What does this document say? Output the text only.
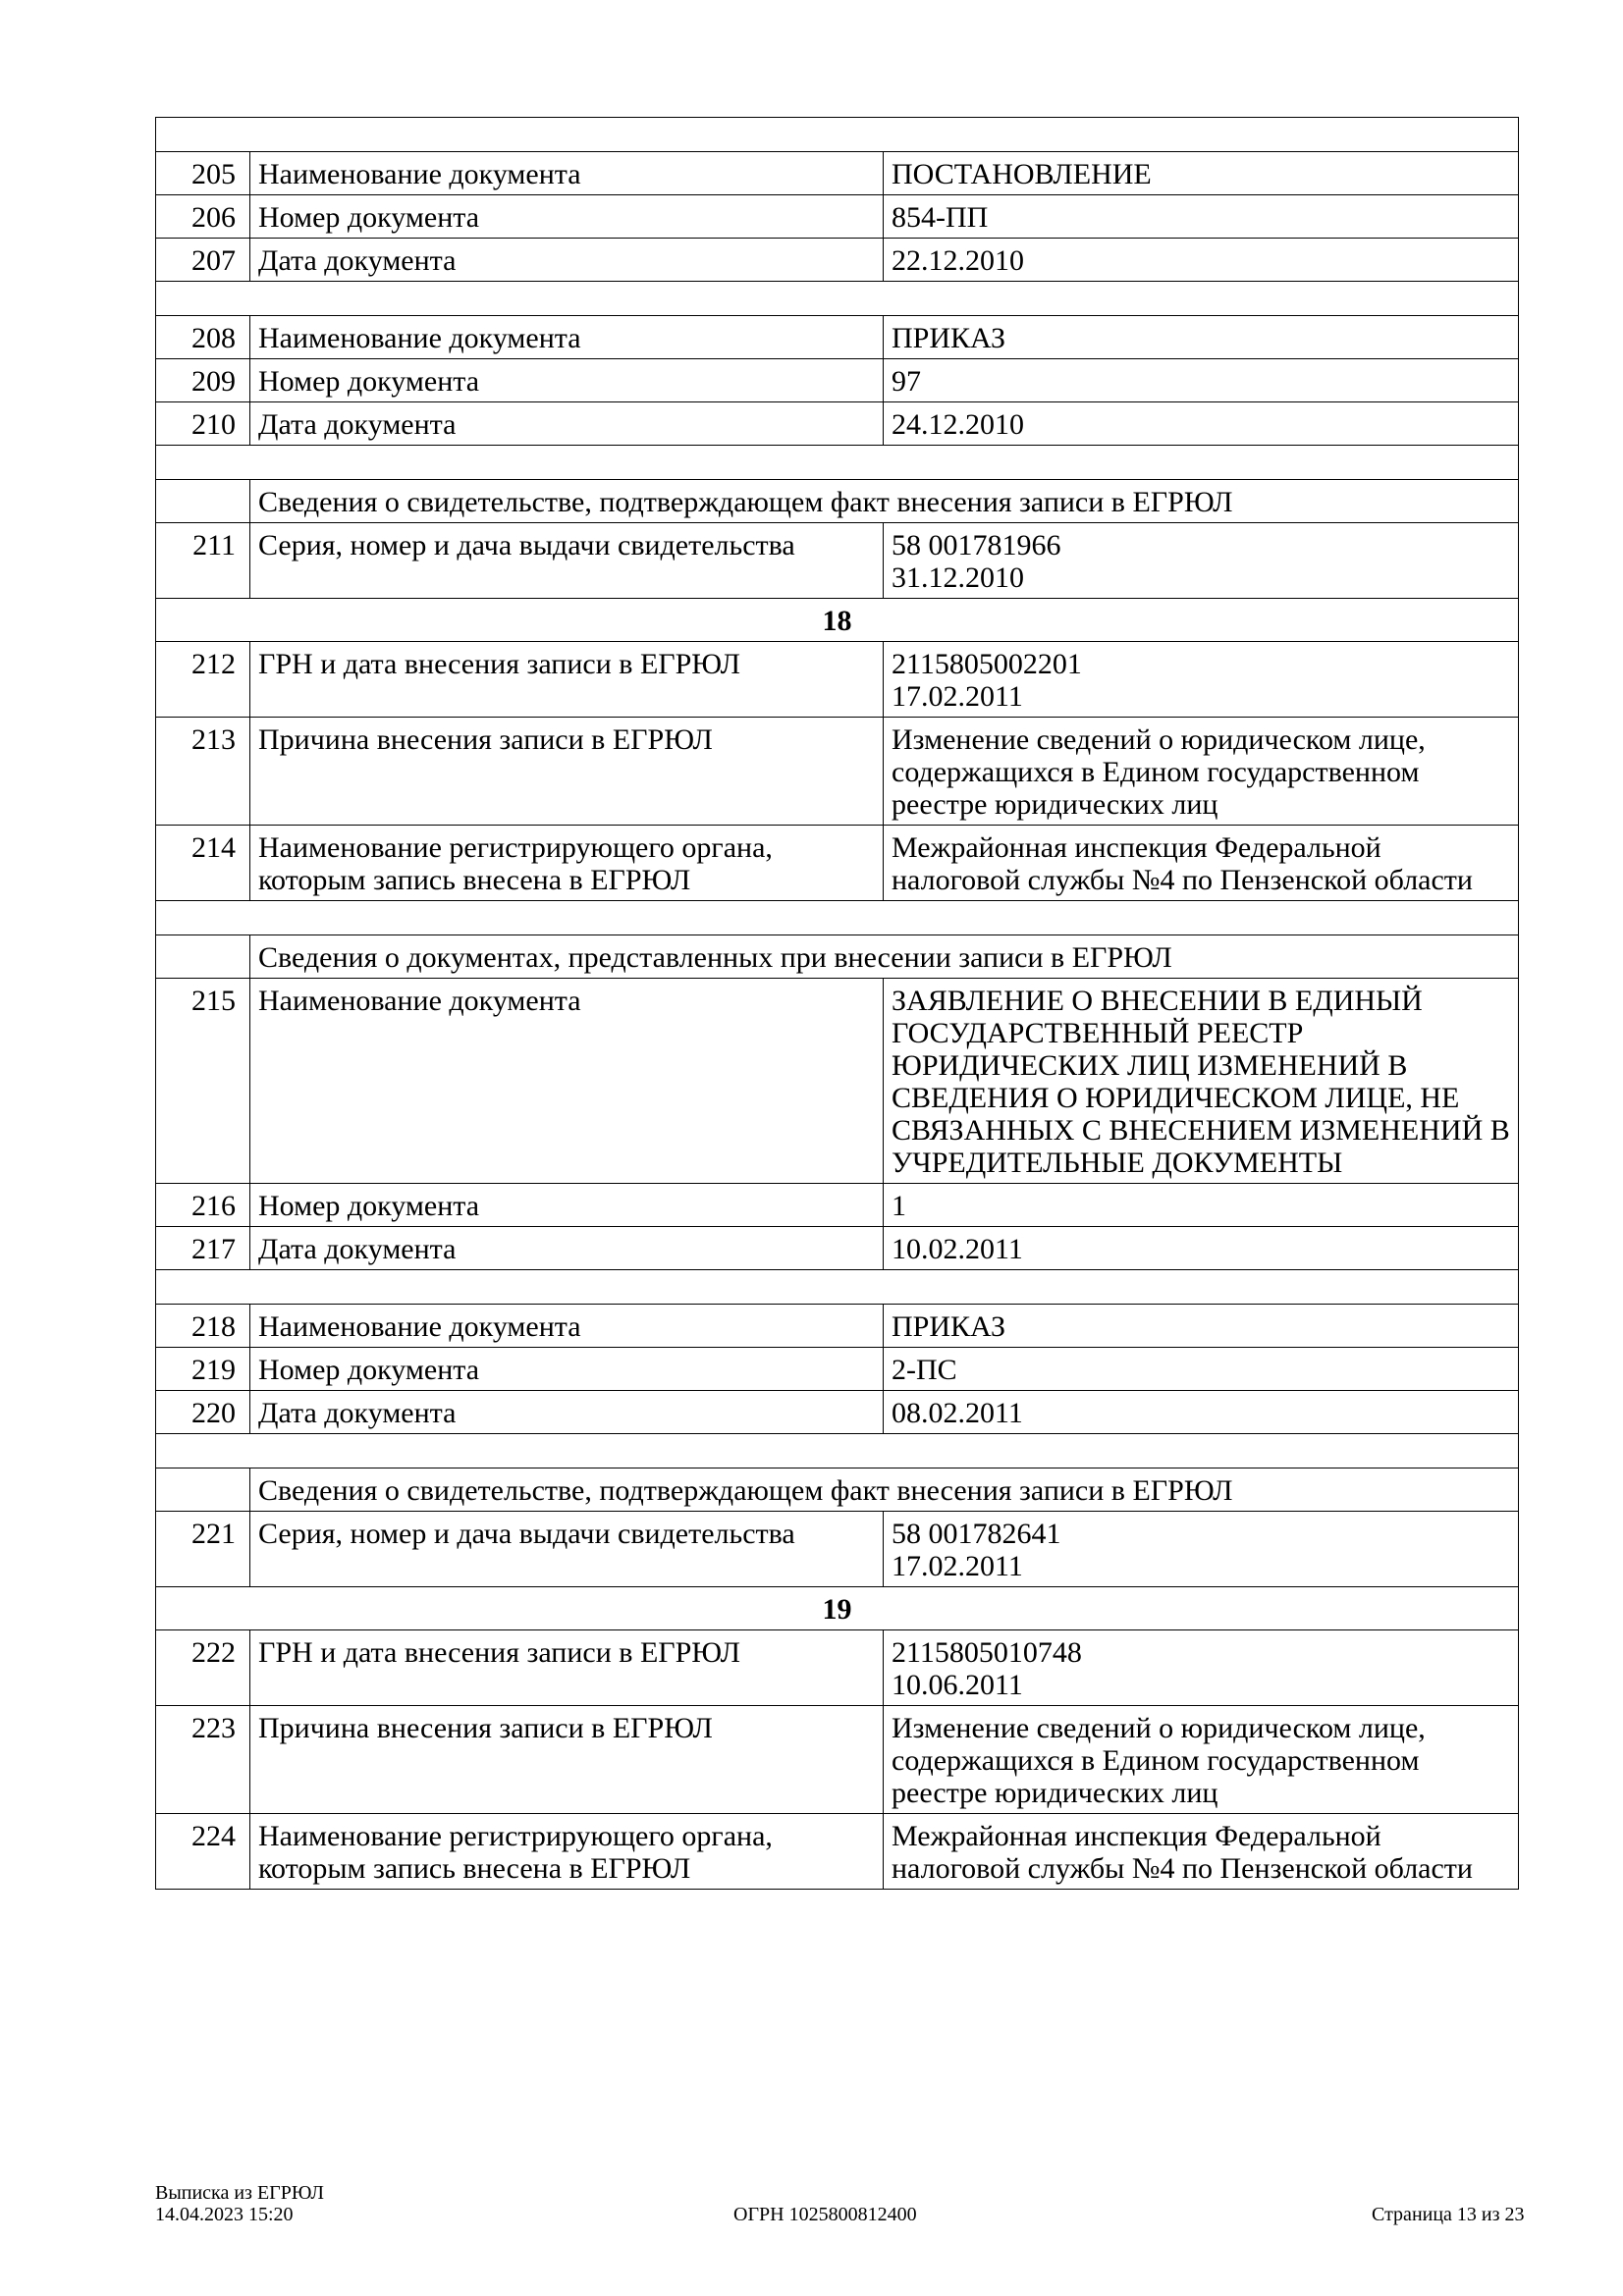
205	Наименование документа	ПОСТАНОВЛЕНИЕ
206	Номер документа	854-ПП
207	Дата документа	22.12.2010

208	Наименование документа	ПРИКАЗ
209	Номер документа	97
210	Дата документа	24.12.2010

	Сведения о свидетельстве, подтверждающем факт внесения записи в ЕГРЮЛ	
211	Серия, номер и дача выдачи свидетельства	58 001781966
31.12.2010
18		
212	ГРН и дата внесения записи в ЕГРЮЛ	2115805002201
17.02.2011
213	Причина внесения записи в ЕГРЮЛ	Изменение сведений о юридическом лице, содержащихся в Едином государственном реестре юридических лиц
214	Наименование регистрирующего органа, которым запись внесена в ЕГРЮЛ	Межрайонная инспекция Федеральной налоговой службы №4 по Пензенской области

	Сведения о документах, представленных при внесении записи в ЕГРЮЛ	
215	Наименование документа	ЗАЯВЛЕНИЕ О ВНЕСЕНИИ В ЕДИНЫЙ ГОСУДАРСТВЕННЫЙ РЕЕСТР ЮРИДИЧЕСКИХ ЛИЦ ИЗМЕНЕНИЙ В СВЕДЕНИЯ О ЮРИДИЧЕСКОМ ЛИЦЕ, НЕ СВЯЗАННЫХ С ВНЕСЕНИЕМ ИЗМЕНЕНИЙ В УЧРЕДИТЕЛЬНЫЕ ДОКУМЕНТЫ
216	Номер документа	1
217	Дата документа	10.02.2011

218	Наименование документа	ПРИКАЗ
219	Номер документа	2-ПС
220	Дата документа	08.02.2011

	Сведения о свидетельстве, подтверждающем факт внесения записи в ЕГРЮЛ	
221	Серия, номер и дача выдачи свидетельства	58 001782641
17.02.2011
19		
222	ГРН и дата внесения записи в ЕГРЮЛ	2115805010748
10.06.2011
223	Причина внесения записи в ЕГРЮЛ	Изменение сведений о юридическом лице, содержащихся в Едином государственном реестре юридических лиц
224	Наименование регистрирующего органа, которым запись внесена в ЕГРЮЛ	Межрайонная инспекция Федеральной налоговой службы №4 по Пензенской области
Выписка из ЕГРЮЛ
14.04.2023 15:20	ОГРН 1025800812400	Страница 13 из 23
